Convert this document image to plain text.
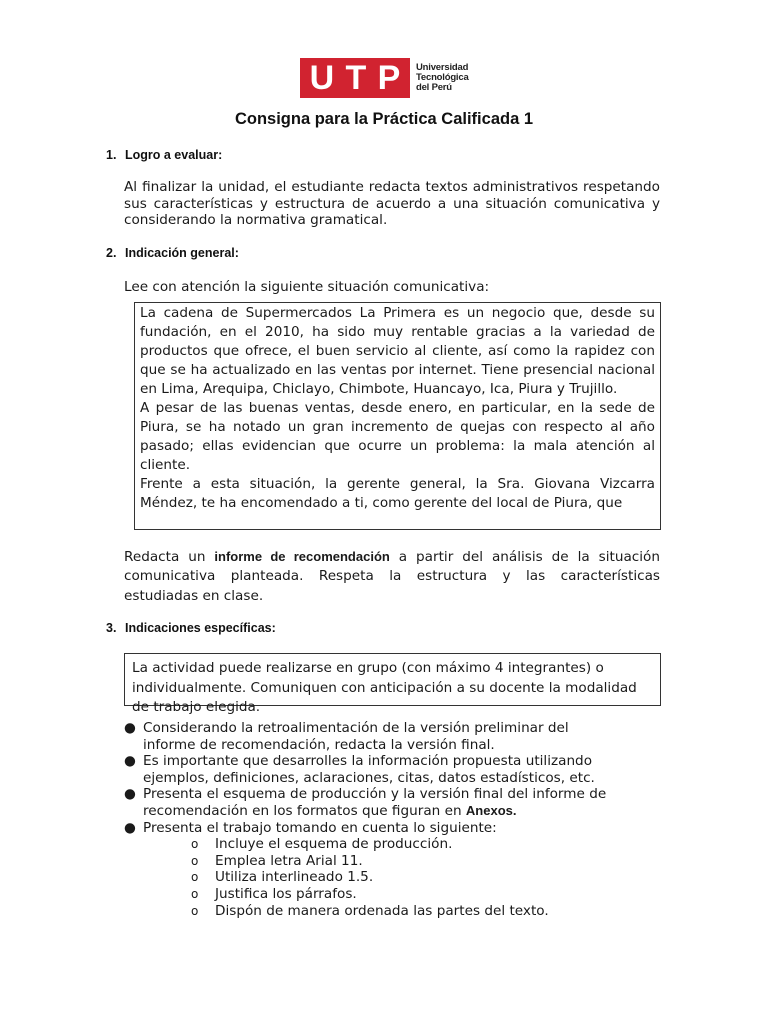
U T P Universidad
Tecnológica
del Perú
Consigna para la Práctica Calificada 1
1. Logro a evaluar:
Al finalizar la unidad, el estudiante redacta textos administrativos respetando sus características y estructura de acuerdo a una situación comunicativa y considerando la normativa gramatical.
2. Indicación general:
Lee con atención la siguiente situación comunicativa:

La cadena de Supermercados La Primera es un negocio que, desde su fundación, en el 2010, ha sido muy rentable gracias a la variedad de productos que ofrece, el buen servicio al cliente, así como la rapidez con que se ha actualizado en las ventas por internet. Tiene presencial nacional en Lima, Arequipa, Chiclayo, Chimbote, Huancayo, Ica, Piura y Trujillo.

A pesar de las buenas ventas, desde enero, en particular, en la sede de Piura, se ha notado un gran incremento de quejas con respecto al año pasado; ellas evidencian que ocurre un problema: la mala atención al cliente.

Frente a esta situación, la gerente general, la Sra. Giovana Vizcarra Méndez, te ha encomendado a ti, como gerente del local de Piura, que

Redacta un informe de recomendación a partir del análisis de la situación comunicativa planteada. Respeta la estructura y las características estudiadas en clase.
3. Indicaciones específicas:

La actividad puede realizarse en grupo (con máximo 4 integrantes) o individualmente. Comuniquen con anticipación a su docente la modalidad de trabajo elegida.

● Considerando la retroalimentación de la versión preliminar del informe de recomendación, redacta la versión final.
● Es importante que desarrolles la información propuesta utilizando ejemplos, definiciones, aclaraciones, citas, datos estadísticos, etc.
● Presenta el esquema de producción y la versión final del informe de recomendación en los formatos que figuran en Anexos.
● Presenta el trabajo tomando en cuenta lo siguiente:
o Incluye el esquema de producción.
o Emplea letra Arial 11.
o Utiliza interlineado 1.5.
o Justifica los párrafos.
o Dispón de manera ordenada las partes del texto.
